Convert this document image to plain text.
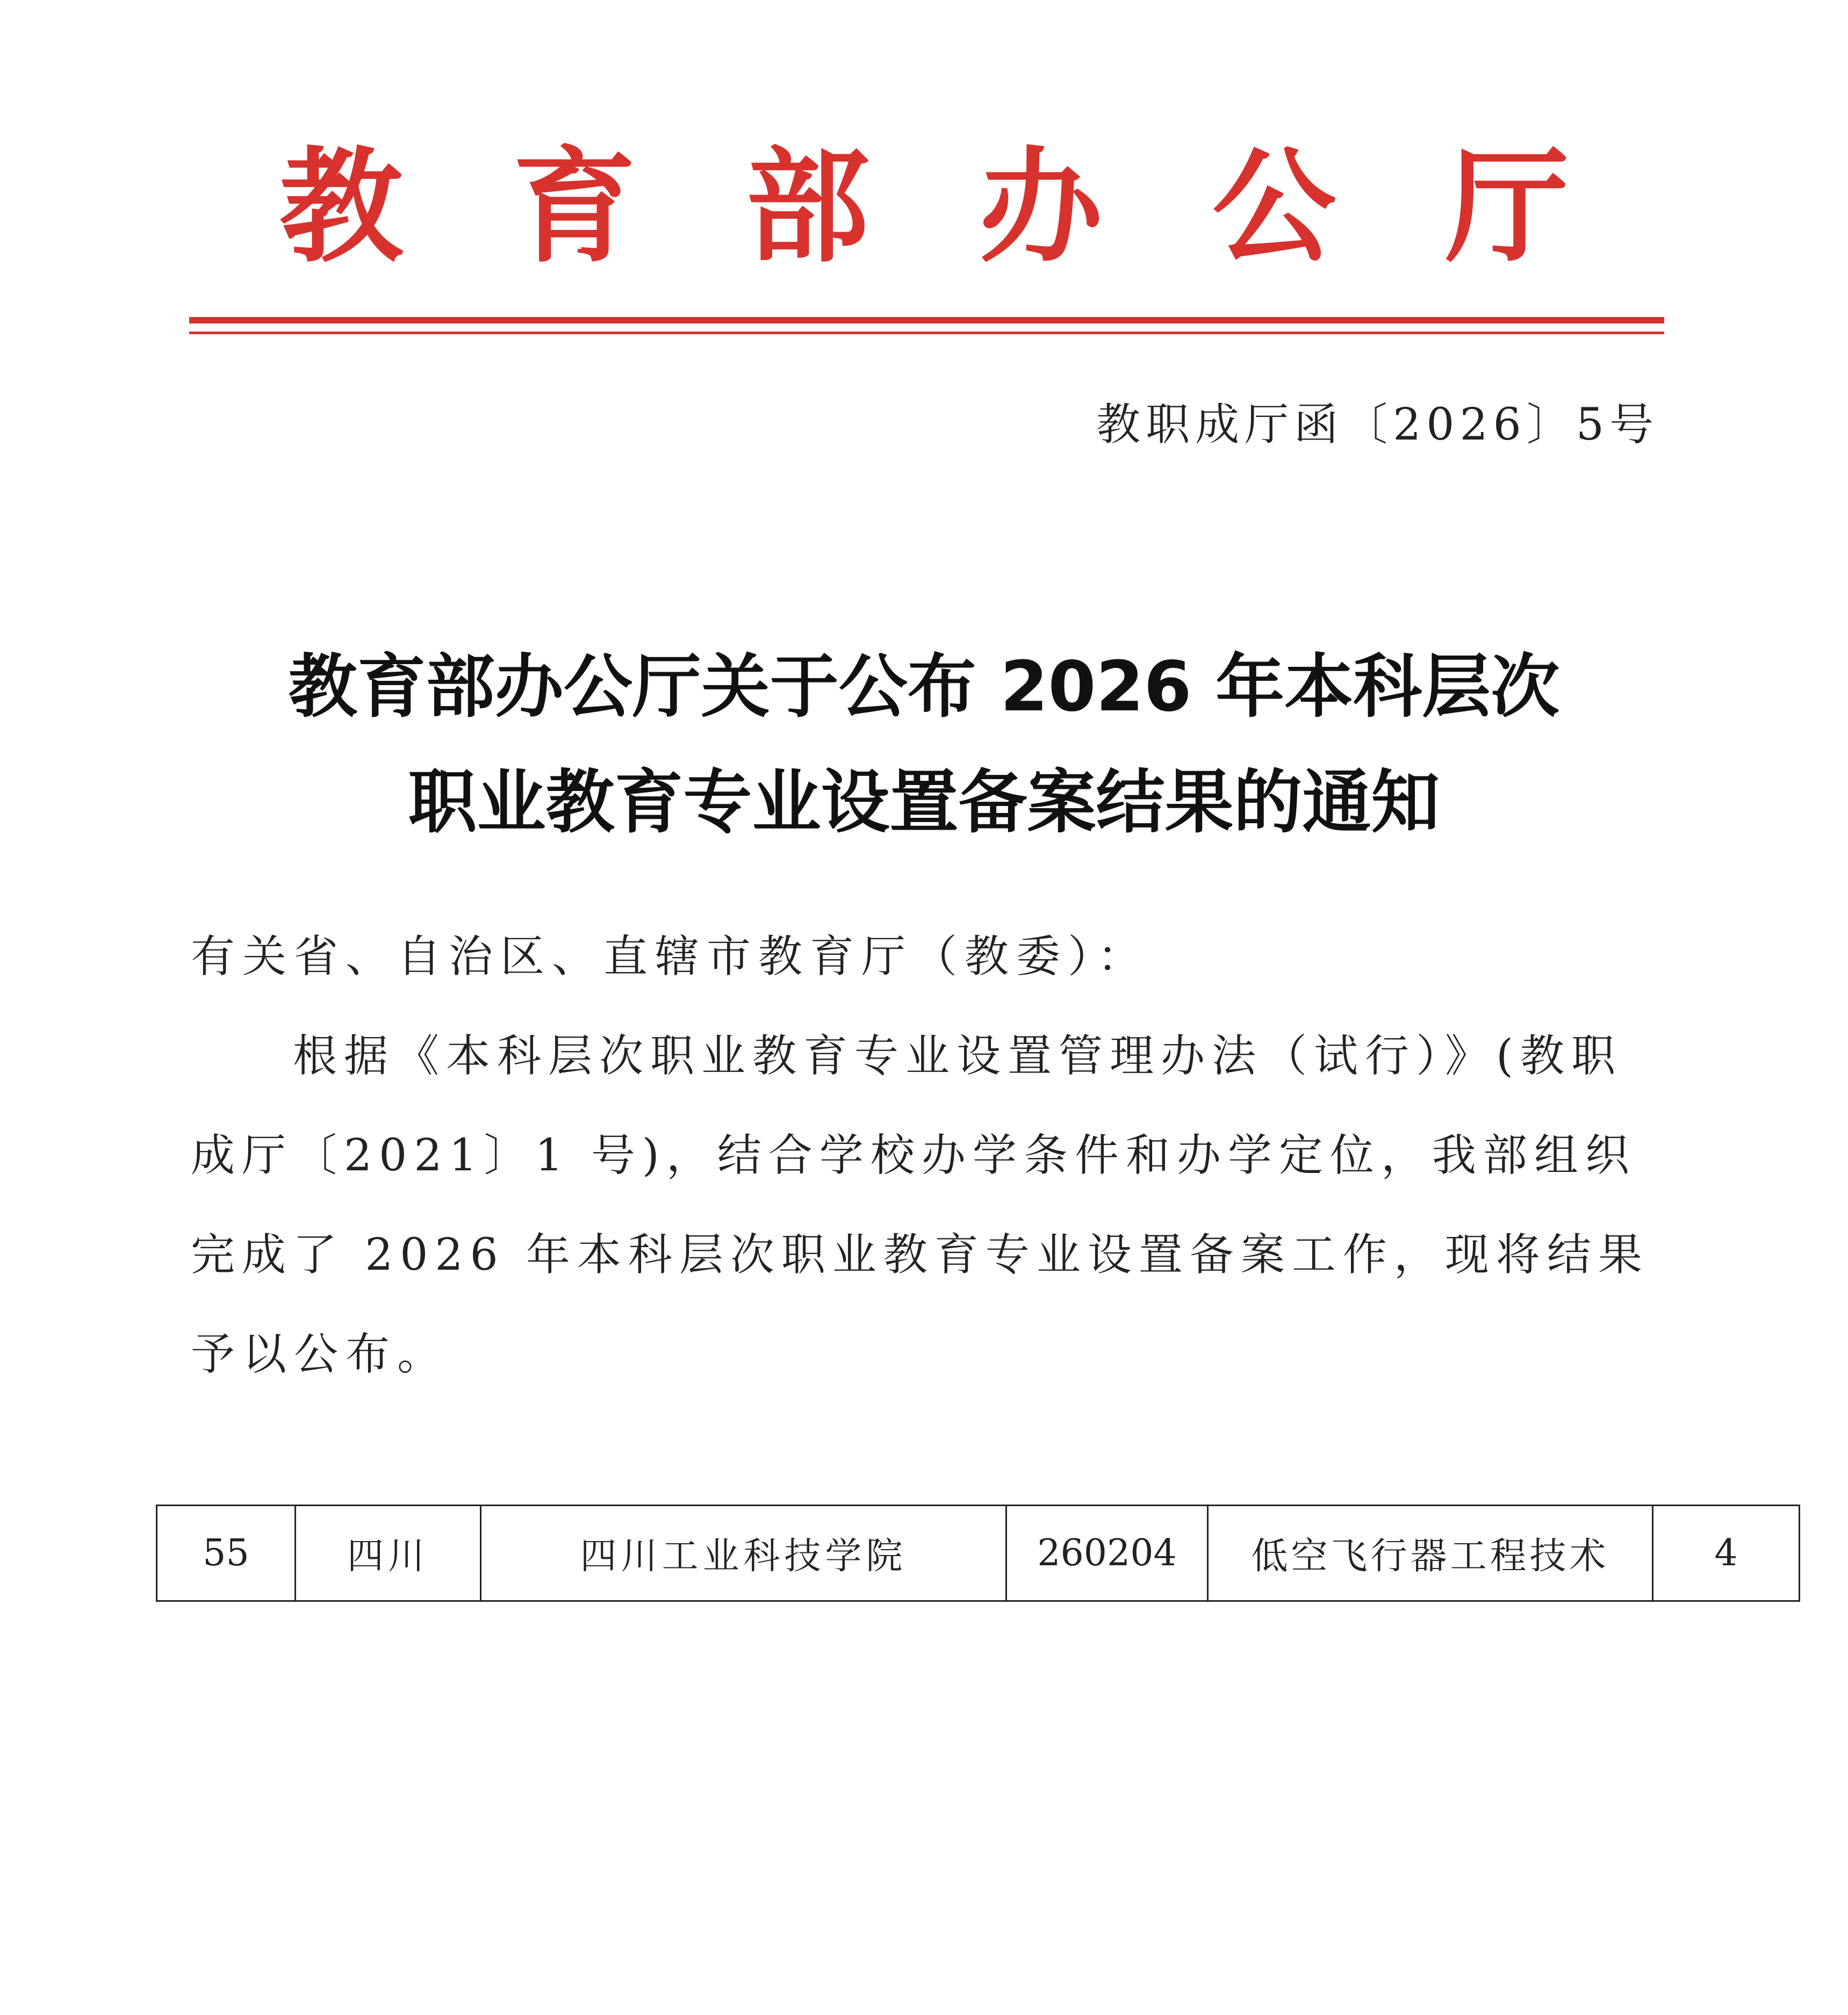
教 育 部 办 公 厅
教职成厅函〔2026〕5号
教育部办公厅关于公布 2026 年本科层次
职业教育专业设置备案结果的通知
有关省、自治区、直辖市教育厅（教委）：
根据《本科层次职业教育专业设置管理办法（试行）》(教职
成厅〔2021〕1 号)，结合学校办学条件和办学定位，我部组织
完成了 2026 年本科层次职业教育专业设置备案工作，现将结果
予以公布。
55	四川	四川工业科技学院	260204	低空飞行器工程技术	4
